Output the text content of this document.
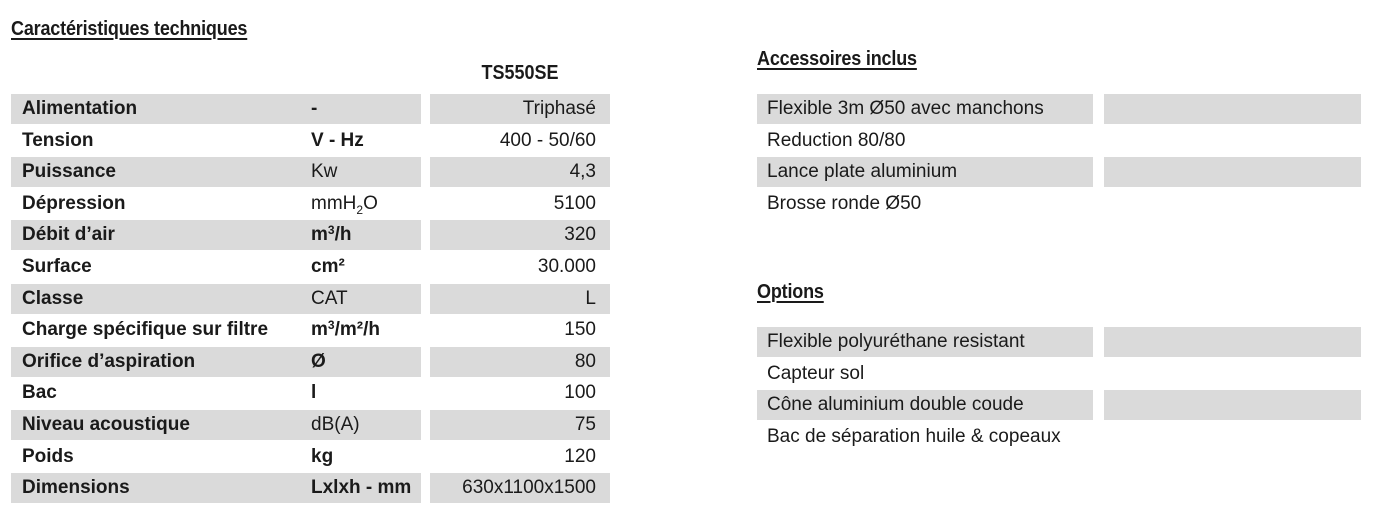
Caractéristiques techniques
TS550SE
Alimentation	-	Triphasé
Tension	V - Hz	400 - 50/60
Puissance	Kw	4,3
Dépression	mmH$_2$O	5100
Débit d’air	$m^3/h$	320
Surface	cm²	30.000
Classe	CAT	L
Charge spécifique sur filtre	$m^3/m^2/h$	150
Orifice d’aspiration	Ø	80
Bac	l	100
Niveau acoustique	dB(A)	75
Poids	kg	120
Dimensions	Lxlxh - mm	630x1100x1500
Accessoires inclus
Flexible 3m Ø50 avec manchons
Reduction 80/80
Lance plate aluminium
Brosse ronde Ø50
Options
Flexible polyuréthane resistant
Capteur sol
Cône aluminium double coude
Bac de séparation huile & copeaux
